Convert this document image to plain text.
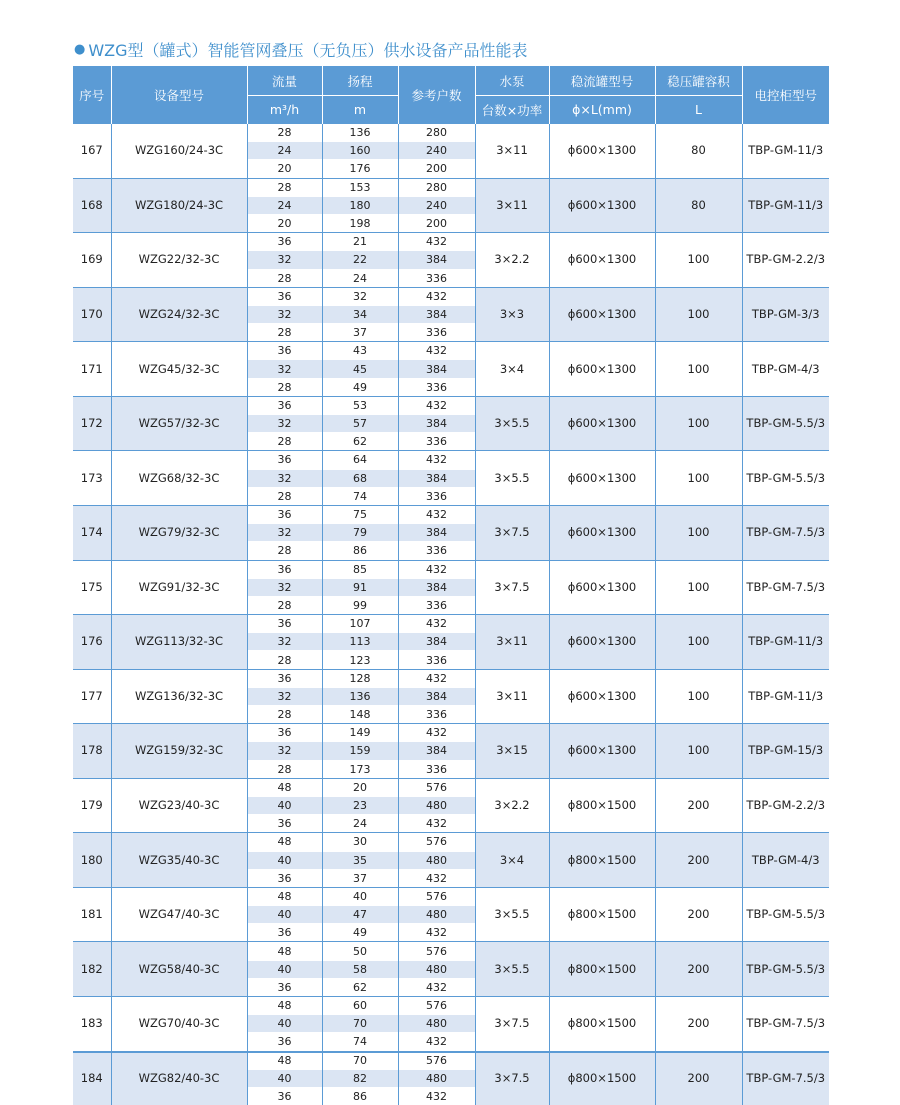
● WZG型（罐式）智能管网叠压（无负压）供水设备产品性能表
序号	设备型号	流量	扬程	参考户数	水泵	稳流罐型号	稳压罐容积	电控柜型号
		m³/h	m		台数×功率	ϕ×L(mm)	L	
167	WZG160/24-3C	28	136	280	3×11	ϕ600×1300	80	TBP-GM-11/3
		24	160	240				
		20	176	200				
168	WZG180/24-3C	28	153	280	3×11	ϕ600×1300	80	TBP-GM-11/3
		24	180	240				
		20	198	200				
169	WZG22/32-3C	36	21	432	3×2.2	ϕ600×1300	100	TBP-GM-2.2/3
		32	22	384				
		28	24	336				
170	WZG24/32-3C	36	32	432	3×3	ϕ600×1300	100	TBP-GM-3/3
		32	34	384				
		28	37	336				
171	WZG45/32-3C	36	43	432	3×4	ϕ600×1300	100	TBP-GM-4/3
		32	45	384				
		28	49	336				
172	WZG57/32-3C	36	53	432	3×5.5	ϕ600×1300	100	TBP-GM-5.5/3
		32	57	384				
		28	62	336				
173	WZG68/32-3C	36	64	432	3×5.5	ϕ600×1300	100	TBP-GM-5.5/3
		32	68	384				
		28	74	336				
174	WZG79/32-3C	36	75	432	3×7.5	ϕ600×1300	100	TBP-GM-7.5/3
		32	79	384				
		28	86	336				
175	WZG91/32-3C	36	85	432	3×7.5	ϕ600×1300	100	TBP-GM-7.5/3
		32	91	384				
		28	99	336				
176	WZG113/32-3C	36	107	432	3×11	ϕ600×1300	100	TBP-GM-11/3
		32	113	384				
		28	123	336				
177	WZG136/32-3C	36	128	432	3×11	ϕ600×1300	100	TBP-GM-11/3
		32	136	384				
		28	148	336				
178	WZG159/32-3C	36	149	432	3×15	ϕ600×1300	100	TBP-GM-15/3
		32	159	384				
		28	173	336				
179	WZG23/40-3C	48	20	576	3×2.2	ϕ800×1500	200	TBP-GM-2.2/3
		40	23	480				
		36	24	432				
180	WZG35/40-3C	48	30	576	3×4	ϕ800×1500	200	TBP-GM-4/3
		40	35	480				
		36	37	432				
181	WZG47/40-3C	48	40	576	3×5.5	ϕ800×1500	200	TBP-GM-5.5/3
		40	47	480				
		36	49	432				
182	WZG58/40-3C	48	50	576	3×5.5	ϕ800×1500	200	TBP-GM-5.5/3
		40	58	480				
		36	62	432				
183	WZG70/40-3C	48	60	576	3×7.5	ϕ800×1500	200	TBP-GM-7.5/3
		40	70	480				
		36	74	432				
184	WZG82/40-3C	48	70	576	3×7.5	ϕ800×1500	200	TBP-GM-7.5/3
		40	82	480				
		36	86	432				
